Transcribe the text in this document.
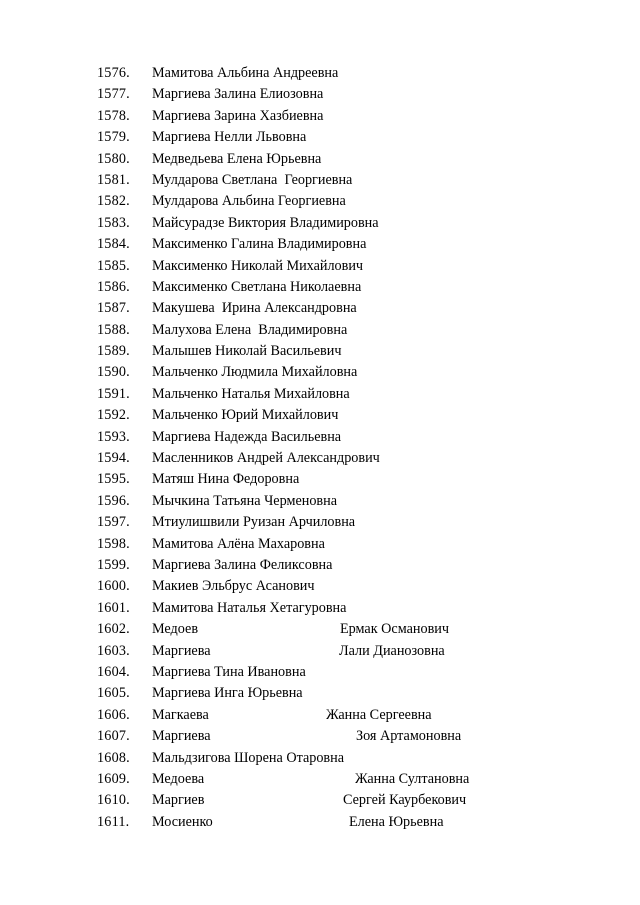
1576. Мамитова Альбина Андреевна
1577. Маргиева Залина Елиозовна
1578. Маргиева Зарина Хазбиевна
1579. Маргиева Нелли Львовна
1580. Медведьева Елена Юрьевна
1581. Мулдарова Светлана  Георгиевна
1582. Мулдарова Альбина Георгиевна
1583. Майсурадзе Виктория Владимировна
1584. Максименко Галина Владимировна
1585. Максименко Николай Михайлович
1586. Максименко Светлана Николаевна
1587. Макушева  Ирина Александровна
1588. Малухова Елена  Владимировна
1589. Малышев Николай Васильевич
1590. Мальченко Людмила Михайловна
1591. Мальченко Наталья Михайловна
1592. Мальченко Юрий Михайлович
1593. Маргиева Надежда Васильевна
1594. Масленников Андрей Александрович
1595. Матяш Нина Федоровна
1596. Мычкина Татьяна Черменовна
1597. Мтиулишвили Руизан Арчиловна
1598. Мамитова Алёна Махаровна
1599. Маргиева Залина Феликсовна
1600. Макиев Эльбрус Асанович
1601. Мамитова Наталья Хетагуровна
1602. Медоев	Ермак Османович
1603. Маргиева	Лали Дианозовна
1604. Маргиева Тина Ивановна
1605. Маргиева Инга Юрьевна
1606. Магкаева	Жанна Сергеевна
1607. Маргиева	Зоя Артамоновна
1608. Мальдзигова Шорена Отаровна
1609. Медоева	Жанна Султановна
1610. Маргиев	Сергей Каурбекович
1611. Мосиенко	Елена Юрьевна
